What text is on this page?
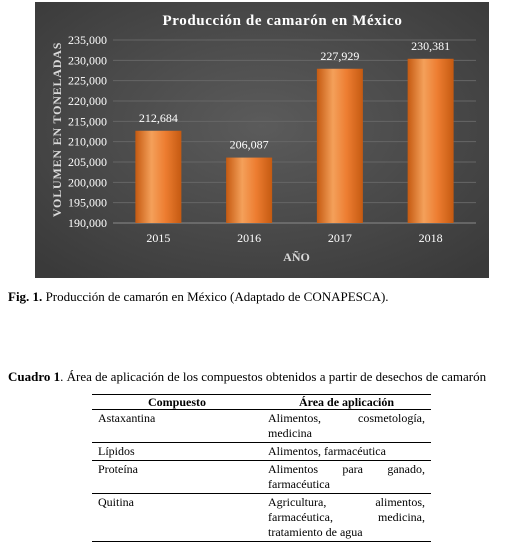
190,000
195,000
200,000
205,000
210,000
215,000
220,000
225,000
230,000
235,000
212,684
2015
206,087
2016
227,929
2017
230,381
2018
Producción de camarón en México
AÑO
VOLUMEN EN TONELADAS
Fig. 1. Producción de camarón en México (Adaptado de CONAPESCA).
Cuadro 1. Área de aplicación de los compuestos obtenidos a partir de desechos de camarón
Compuesto	Área de aplicación
Astaxantina	Alimentos, cosmetología,
medicina

Lípidos	Alimentos, farmacéutica

Proteína	Alimentos para ganado,
farmacéutica

Quitina	Agricultura, alimentos,
farmacéutica, medicina,
tratamiento de agua
